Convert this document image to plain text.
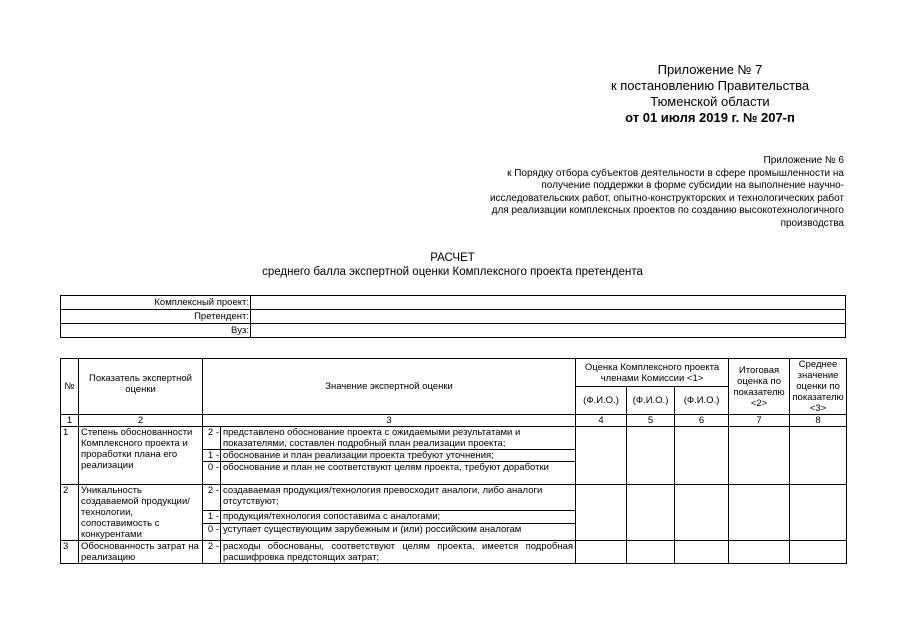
Приложение № 7
к постановлению Правительства
Тюменской области
от 01 июля 2019 г. № 207-п
Приложение № 6
к Порядку отбора субъектов деятельности в сфере промышленности на
получение поддержки в форме субсидии на выполнение научно-
исследовательских работ, опытно-конструкторских и технологических работ
для реализации комплексных проектов по созданию высокотехнологичного
производства
РАСЧЕТ
среднего балла экспертной оценки Комплексного проекта претендента
Комплексный проект:	
Претендент:	
Вуз:	
№	Показатель экспертной оценки	Значение экспертной оценки		Оценка Комплексного проекта членами Комиссии <1>			Итоговая оценка по показателю <2>	Среднее значение оценки по показателю <3>
				(Ф.И.О.)	(Ф.И.О.)	(Ф.И.О.)		
1	2	3		4	5	6	7	8
1	Степень обоснованности Комплексного проекта и проработки плана его реализации	2 -	представлено обоснование проекта с ожидаемыми результатами и показателями, составлен подробный план реализации проекта;					
		1 -	обоснование и план реализации проекта требуют уточнения;					
		0 -	обоснование и план не соответствуют целям проекта, требуют доработки					
2	Уникальность создаваемой продукции/технологии, сопоставимость с конкурентами	2 -	создаваемая продукция/технология превосходит аналоги, либо аналоги отсутствуют;					
		1 -	продукция/технология сопоставима с аналогами;					
		0 -	уступает существующим зарубежным и (или) российским аналогам					
3	Обоснованность затрат на реализацию	2 -	расходы обоснованы, соответствуют целям проекта, имеется подробная расшифровка предстоящих затрат;					
